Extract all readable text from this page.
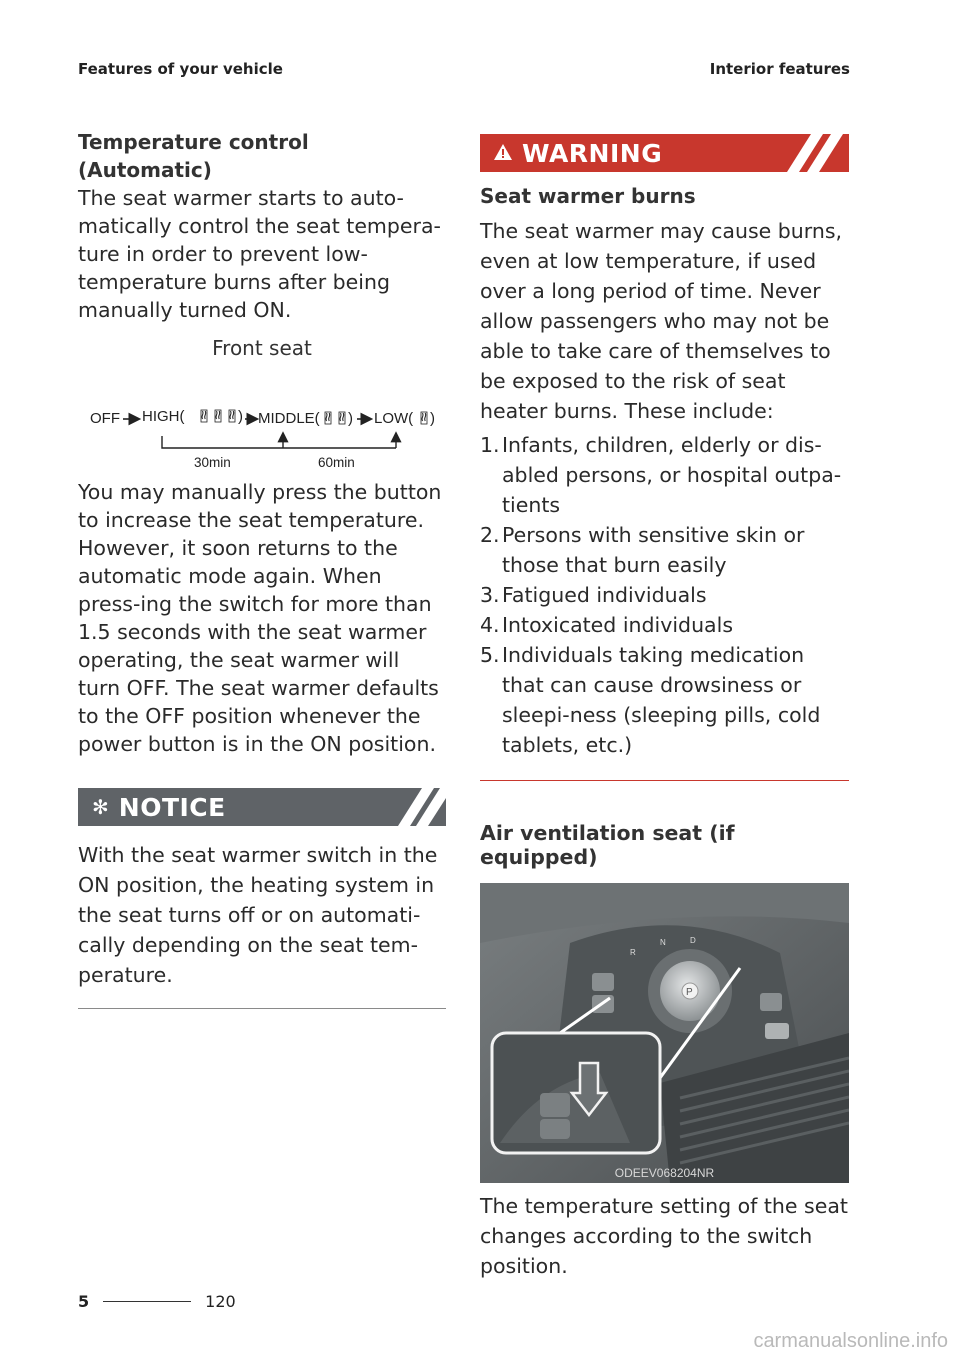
Features of your vehicle	Interior features
Temperature control (Automatic)
The seat warmer starts to auto-matically control the seat tempera-ture in order to prevent low-temperature burns after being manually turned ON.
Front seat
OFF HIGH(	) MIDDLE( ) LOW( )
30min	60min
You may manually press the button to increase the seat temperature. However, it soon returns to the automatic mode again. When press-ing the switch for more than 1.5 seconds with the seat warmer operating, the seat warmer will turn OFF. The seat warmer defaults to the OFF position whenever the power button is in the ON position.
✻ NOTICE
With the seat warmer switch in the ON position, the heating system in the seat turns off or on automati-cally depending on the seat tem-perature.
WARNING
Seat warmer burns
The seat warmer may cause burns, even at low temperature, if used over a long period of time. Never allow passengers who may not be able to take care of themselves to be exposed to the risk of seat heater burns. These include:
1. Infants, children, elderly or dis-abled persons, or hospital outpa-tients
2. Persons with sensitive skin or those that burn easily
3. Fatigued individuals
4. Intoxicated individuals
5. Individuals taking medication that can cause drowsiness or sleepi-ness (sleeping pills, cold tablets, etc.)
Air ventilation seat (if equipped)
P
R
N	D
ODEEV068204NR
The temperature setting of the seat changes according to the switch position.
5	120
carmanualsonline.info
